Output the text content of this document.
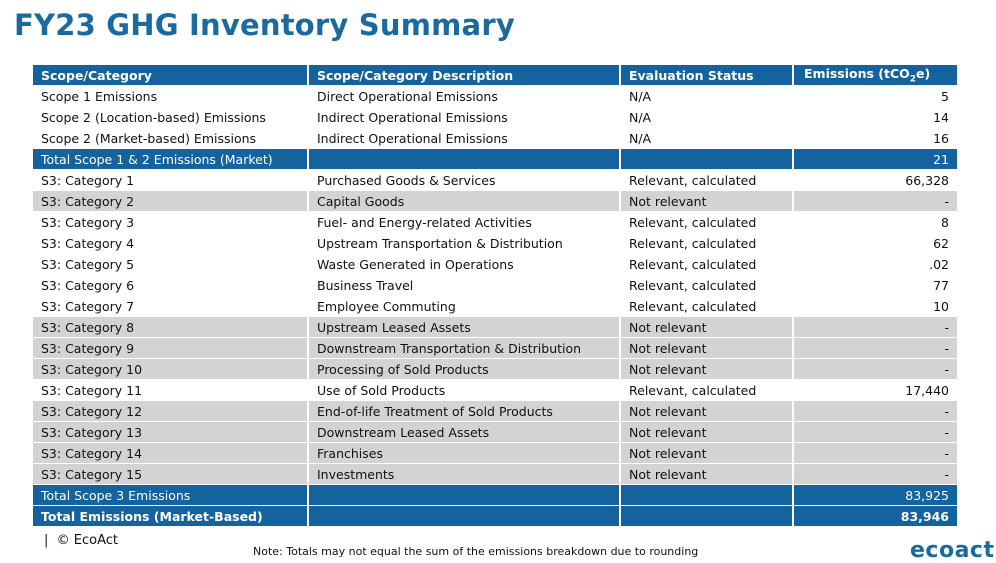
FY23 GHG Inventory Summary
Scope/Category	Scope/Category Description	Evaluation Status	Emissions (tCO$_2$e)
Scope 1 Emissions	Direct Operational Emissions	N/A	5
Scope 2 (Location-based) Emissions	Indirect Operational Emissions	N/A	14
Scope 2 (Market-based) Emissions	Indirect Operational Emissions	N/A	16
Total Scope 1 & 2 Emissions (Market)			21
S3: Category 1	Purchased Goods & Services	Relevant, calculated	66,328
S3: Category 2	Capital Goods	Not relevant	-
S3: Category 3	Fuel- and Energy-related Activities	Relevant, calculated	8
S3: Category 4	Upstream Transportation & Distribution	Relevant, calculated	62
S3: Category 5	Waste Generated in Operations	Relevant, calculated	.02
S3: Category 6	Business Travel	Relevant, calculated	77
S3: Category 7	Employee Commuting	Relevant, calculated	10
S3: Category 8	Upstream Leased Assets	Not relevant	-
S3: Category 9	Downstream Transportation & Distribution	Not relevant	-
S3: Category 10	Processing of Sold Products	Not relevant	-
S3: Category 11	Use of Sold Products	Relevant, calculated	17,440
S3: Category 12	End-of-life Treatment of Sold Products	Not relevant	-
S3: Category 13	Downstream Leased Assets	Not relevant	-
S3: Category 14	Franchises	Not relevant	-
S3: Category 15	Investments	Not relevant	-
Total Scope 3 Emissions			83,925
Total Emissions (Market-Based)			83,946
| © EcoAct
Note: Totals may not equal the sum of the emissions breakdown due to rounding	ecoact
